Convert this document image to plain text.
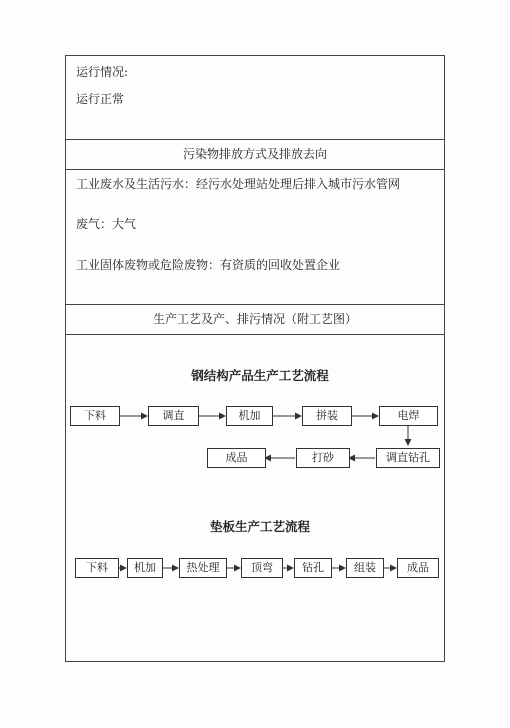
运行情况:
运行正常
污染物排放方式及排放去向
工业废水及生活污水：经污水处理站处理后排入城市污水管网
废气：大气
工业固体废物或危险废物：有资质的回收处置企业
生产工艺及产、排污情况（附工艺图）
钢结构产品生产工艺流程
下料	调直	机加	拼装	电焊
调直钻孔
打砂
成品
垫板生产工艺流程
下料	机加	热处理	顶弯	钻孔	组装	成品
